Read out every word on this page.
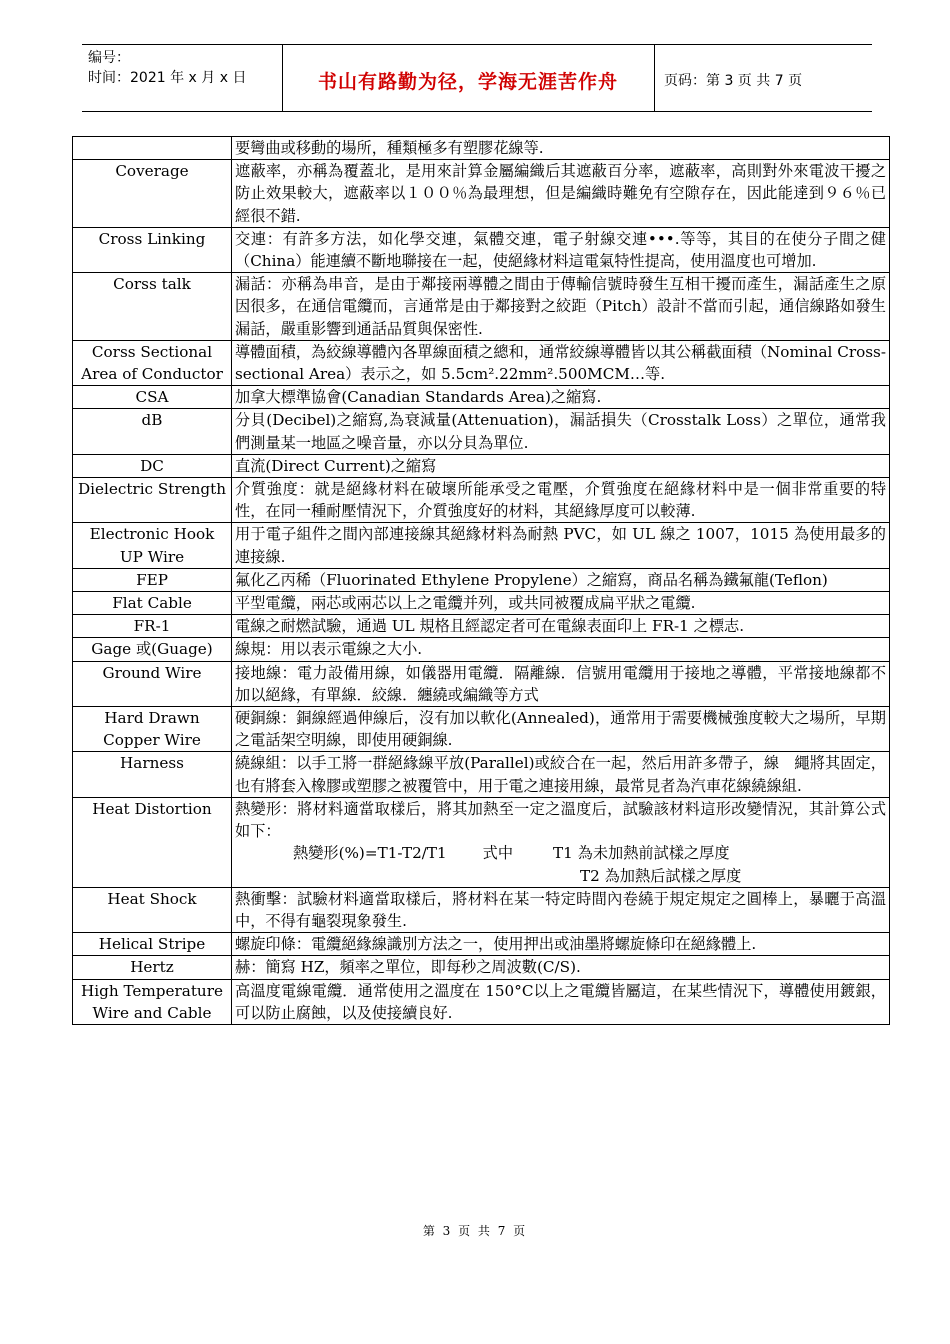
编号：
时间：2021 年 x 月 x 日	书山有路勤为径，学海无涯苦作舟	页码：第 3 页 共 7 页

	要彎曲或移動的場所，種類極多有塑膠花線等.

Coverage	遮蔽率，亦稱為覆蓋北，是用來計算金屬編織后其遮蔽百分率，遮蔽率，高則對外來電波干擾之防止效果較大，遮蔽率以１００％為最理想，但是編織時難免有空隙存在，因此能達到９６％已經很不錯.

Cross Linking	交連：有許多方法，如化學交連，氣體交連，電子射線交連•••.等等，其目的在使分子間之健（China）能連續不斷地聯接在一起，使絕緣材料這電氣特性提高，使用溫度也可增加.

Corss talk	漏話：亦稱為串音，是由于鄰接兩導體之間由于傳輸信號時發生互相干擾而產生，漏話產生之原因很多，在通信電纜而，言通常是由于鄰接對之絞距（Pitch）設計不當而引起，通信線路如發生漏話，嚴重影響到通話品質與保密性.

Corss Sectional Area of Conductor	導體面積，為絞線導體內各單線面積之總和，通常絞線導體皆以其公稱截面積（Nominal Cross-sectional Area）表示之，如 5.5cm².22mm².500MCM…等.

CSA	加拿大標準協會(Canadian Standards Area)之縮寫.

dB	分貝(Decibel)之縮寫,為衰減量(Attenuation)，漏話損失（Crosstalk Loss）之單位，通常我們測量某一地區之噪音量，亦以分貝為單位.

DC	直流(Direct Current)之縮寫

Dielectric Strength	介質強度：就是絕緣材料在破壞所能承受之電壓，介質強度在絕緣材料中是一個非常重要的特性，在同一種耐壓情況下，介質強度好的材料，其絕緣厚度可以較薄.

Electronic Hook UP Wire	用于電子組件之間內部連接線其絕緣材料為耐熱 PVC，如 UL 線之 1007，1015 為使用最多的連接線.

FEP	氟化乙丙稀（Fluorinated Ethylene Propylene）之縮寫，商品名稱為鐵氟龍(Teflon)

Flat Cable	平型電纜，兩芯或兩芯以上之電纜并列，或共同被覆成扁平狀之電纜.

FR-1	電線之耐燃試驗，通過 UL 規格且經認定者可在電線表面印上 FR-1 之標志.

Gage 或(Guage)	線規：用以表示電線之大小.

Ground Wire	接地線：電力設備用線，如儀器用電纜．隔離線．信號用電纜用于接地之導體，平常接地線都不加以絕緣，有單線．絞線．纏繞或編織等方式

Hard Drawn Copper Wire	硬銅線：銅線經過伸線后，沒有加以軟化(Annealed)，通常用于需要機械強度較大之場所，早期之電話架空明線，即使用硬銅線.

Harness	繞線組：以手工將一群絕緣線平放(Parallel)或絞合在一起，然后用許多帶子，線　繩將其固定，也有將套入橡膠或塑膠之被覆管中，用于電之連接用線，最常見者為汽車花線繞線組.

Heat Distortion	熱變形：將材料適當取樣后，將其加熱至一定之溫度后，試驗該材料這形改變情況，其計算公式如下：
熱變形(%)=T1-T2/T1 式中 T1 為未加熱前試樣之厚度
T2 為加熱后試樣之厚度

Heat Shock	熱衝擊：試驗材料適當取樣后，將材料在某一特定時間內卷繞于規定規定之圓棒上，暴曬于高溫中，不得有龜裂現象發生.

Helical Stripe	螺旋印條：電纜絕緣線識別方法之一，使用押出或油墨將螺旋條印在絕緣體上.

Hertz	赫：簡寫 HZ，頻率之單位，即每秒之周波數(C/S).

High Temperature Wire and Cable	高溫度電線電纜．通常使用之溫度在 150°C以上之電纜皆屬這，在某些情況下，導體使用鍍銀，可以防止腐蝕，以及使接續良好.
第 3 页 共 7 页
